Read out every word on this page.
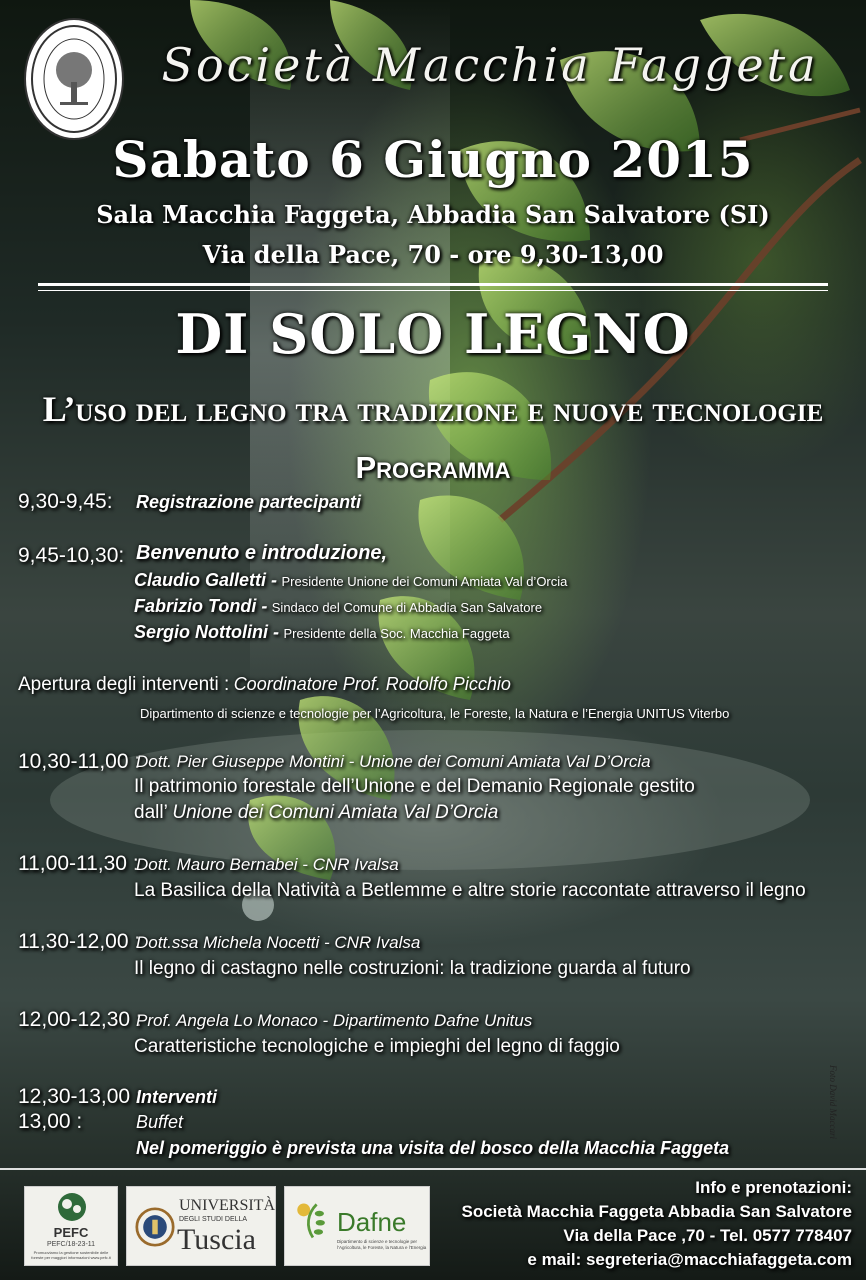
Società Macchia Faggeta
Sabato 6 Giugno 2015
Sala Macchia Faggeta, Abbadia San Salvatore (SI)
Via della Pace, 70 - ore 9,30-13,00
DI SOLO LEGNO
L’uso del legno tra tradizione e nuove tecnologie
Programma
9,30-9,45: Registrazione partecipanti
9,45-10,30: Benvenuto e introduzione,
Claudio Galletti - Presidente Unione dei Comuni Amiata Val d’Orcia
Fabrizio Tondi - Sindaco del Comune di Abbadia San Salvatore
Sergio Nottolini - Presidente della Soc. Macchia Faggeta
Apertura degli interventi : Coordinatore Prof. Rodolfo Picchio
Dipartimento di scienze e tecnologie per l’Agricoltura, le Foreste, la Natura e l’Energia UNITUS Viterbo
10,30-11,00 :
Dott. Pier Giuseppe Montini - Unione dei Comuni Amiata Val D’Orcia
Il patrimonio forestale dell’Unione e del Demanio Regionale gestito
dall’ Unione dei Comuni Amiata Val D’Orcia
11,00-11,30 :
Dott. Mauro Bernabei - CNR Ivalsa
La Basilica della Natività a Betlemme e altre storie raccontate attraverso il legno
11,30-12,00 :
Dott.ssa Michela Nocetti - CNR Ivalsa
Il legno di castagno nelle costruzioni: la tradizione guarda al futuro
12,00-12,30 :
Prof. Angela Lo Monaco - Dipartimento Dafne Unitus
Caratteristiche tecnologiche e impieghi del legno di faggio
12,30-13,00 :
Interventi
13,00 :	Buffet
Nel pomeriggio è prevista una visita del bosco della Macchia Faggeta
Foto David Maccari
PEFC
PEFC/18-23-11
Promuoviamo la gestione sostenibile delle foreste per maggiori informazioni www.pefc.it
UNIVERSITÀ
DEGLI STUDI DELLA
Tuscia
Dafne
Dipartimento di scienze e tecnologie per l’Agricoltura, le Foreste, la Natura e l’Energia
Info e prenotazioni:
Società Macchia Faggeta Abbadia San Salvatore
Via della Pace ,70 - Tel. 0577 778407
e mail: segreteria@macchiafaggeta.com
